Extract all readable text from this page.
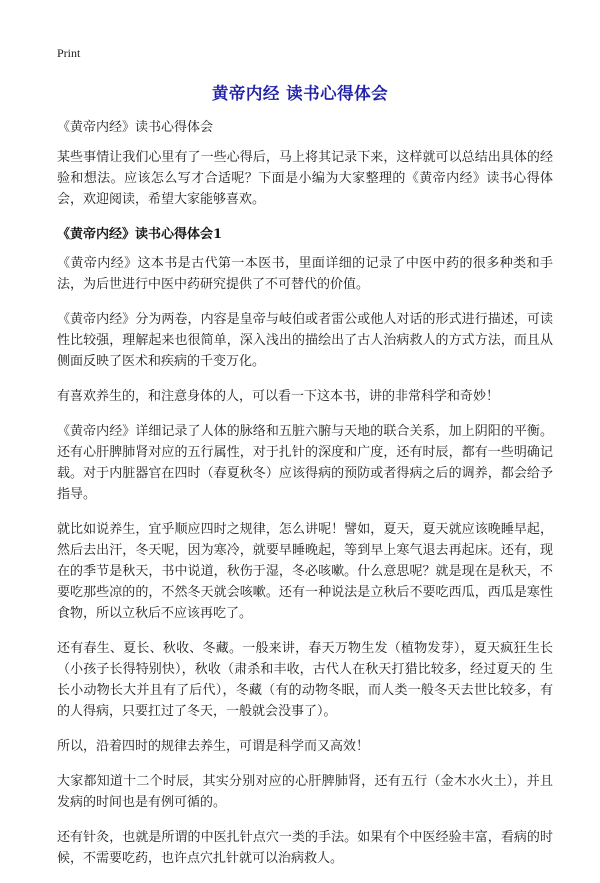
Print
黄帝内经 读书心得体会

《黄帝内经》读书心得体会

某些事情让我们心里有了一些心得后，马上将其记录下来，这样就可以总结出具体的经验和想法。应该怎么写才合适呢？下面是小编为大家整理的《黄帝内经》读书心得体会，欢迎阅读，希望大家能够喜欢。

《黄帝内经》读书心得体会1

《黄帝内经》这本书是古代第一本医书，里面详细的记录了中医中药的很多种类和手法，为后世进行中医中药研究提供了不可替代的价值。

《黄帝内经》分为两卷，内容是皇帝与岐伯或者雷公或他人对话的形式进行描述，可读性比较强，理解起来也很简单，深入浅出的描绘出了古人治病救人的方式方法，而且从侧面反映了医术和疾病的千变万化。

有喜欢养生的，和注意身体的人，可以看一下这本书，讲的非常科学和奇妙！

《黄帝内经》详细记录了人体的脉络和五脏六腑与天地的联合关系，加上阴阳的平衡。还有心肝脾肺肾对应的五行属性，对于扎针的深度和广度，还有时辰，都有一些明确记载。对于内脏器官在四时（春夏秋冬）应该得病的预防或者得病之后的调养，都会给予指导。

就比如说养生，宜乎顺应四时之规律，怎么讲呢！譬如，夏天，夏天就应该晚睡早起，然后去出汗，冬天呢，因为寒冷，就要早睡晚起，等到早上寒气退去再起床。还有，现在的季节是秋天，书中说道，秋伤于湿，冬必咳嗽。什么意思呢？就是现在是秋天，不要吃那些凉的的，不然冬天就会咳嗽。还有一种说法是立秋后不要吃西瓜，西瓜是寒性食物，所以立秋后不应该再吃了。

还有春生、夏长、秋收、冬藏。一般来讲，春天万物生发（植物发芽），夏天疯狂生长（小孩子长得特别快），秋收（肃杀和丰收，古代人在秋天打猎比较多，经过夏天的 生长小动物长大并且有了后代），冬藏（有的动物冬眠，而人类一般冬天去世比较多，有的人得病，只要扛过了冬天，一般就会没事了）。

所以，沿着四时的规律去养生，可谓是科学而又高效！

大家都知道十二个时辰，其实分别对应的心肝脾肺肾，还有五行（金木水火土），并且发病的时间也是有例可循的。

还有针灸，也就是所谓的中医扎针点穴一类的手法。如果有个中医经验丰富，看病的时候，不需要吃药，也许点穴扎针就可以治病救人。
